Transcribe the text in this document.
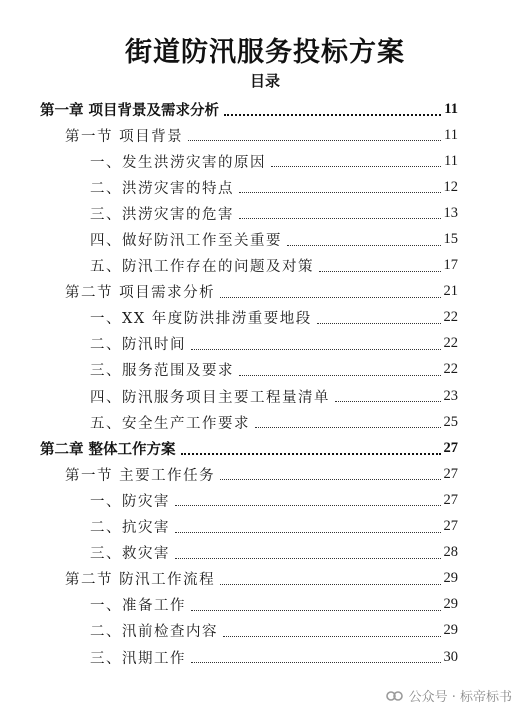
街道防汛服务投标方案
目录
第一章 项目背景及需求分析	11
第一节 项目背景	11
一、发生洪涝灾害的原因	11
二、洪涝灾害的特点	12
三、洪涝灾害的危害	13
四、做好防汛工作至关重要	15
五、防汛工作存在的问题及对策	17
第二节 项目需求分析	21
一、XX 年度防洪排涝重要地段	22
二、防汛时间	22
三、服务范围及要求	22
四、防汛服务项目主要工程量清单	23
五、安全生产工作要求	25
第二章 整体工作方案	27
第一节 主要工作任务	27
一、防灾害	27
二、抗灾害	27
三、救灾害	28
第二节 防汛工作流程	29
一、准备工作	29
二、汛前检查内容	29
三、汛期工作	30
公众号 · 标帝标书
